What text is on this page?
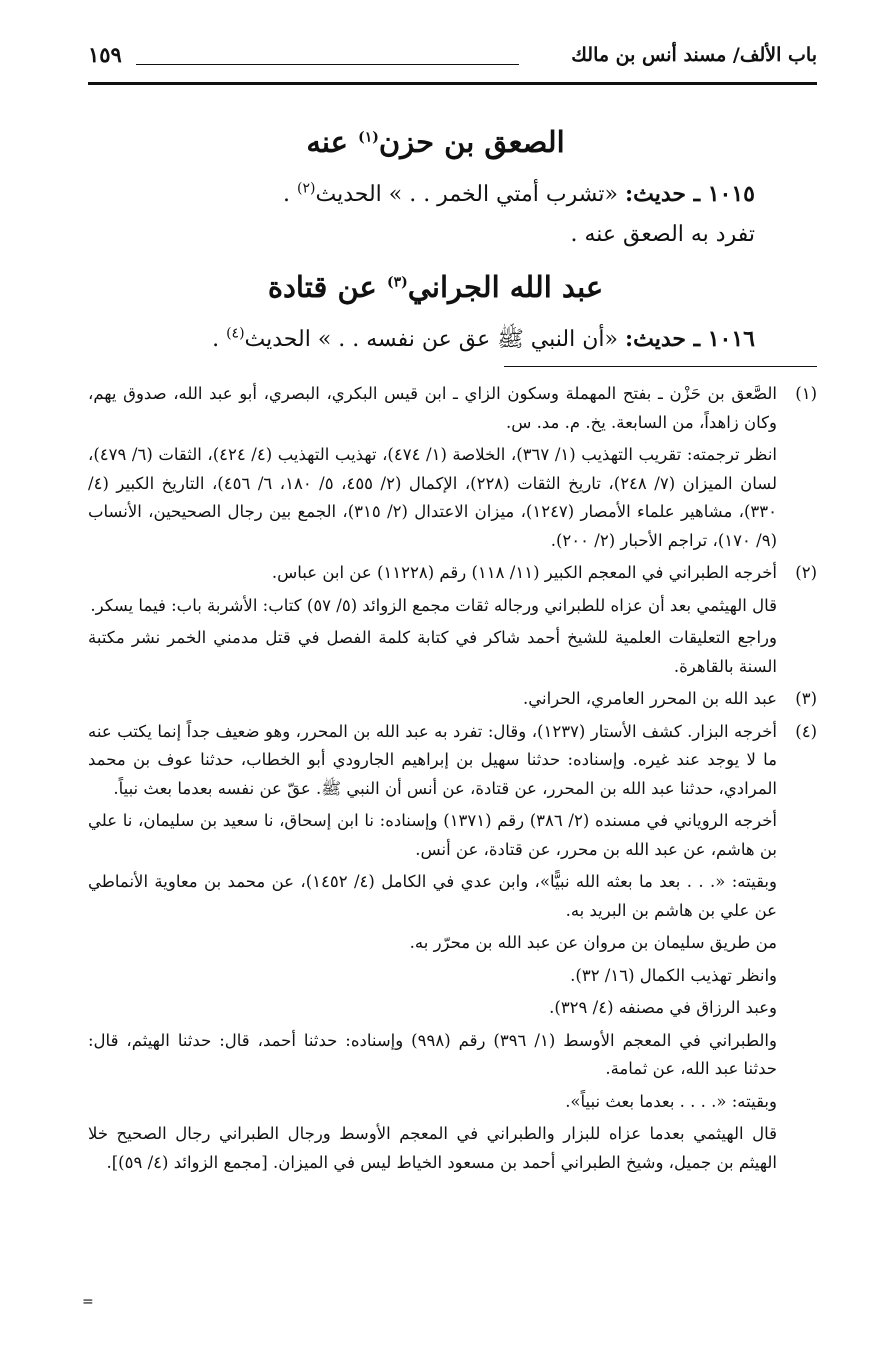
باب الألف/ مسند أنس بن مالك
١٥٩
الصعق بن حزن$^{(١)}$ عنه

١٠١٥ ـ حديث: «تشرب أمتي الخمر . . » الحديث$^{(٢)}$ .

تفرد به الصعق عنه .

عبد الله الجراني$^{(٣)}$ عن قتادة

١٠١٦ ـ حديث: «أن النبي ﷺ عق عن نفسه . . » الحديث$^{(٤)}$ .

(١)

الصَّعق بن حَزْن ـ بفتح المهملة وسكون الزاي ـ ابن قيس البكري، البصري، أبو عبد الله، صدوق يهم، وكان زاهداً، من السابعة. يخ. م. مد. س.

انظر ترجمته: تقريب التهذيب (١/ ٣٦٧)، الخلاصة (١/ ٤٧٤)، تهذيب التهذيب (٤/ ٤٢٤)، الثقات (٦/ ٤٧٩)، لسان الميزان (٧/ ٢٤٨)، تاريخ الثقات (٢٢٨)، الإكمال (٢/ ٤٥٥، ٥/ ١٨٠، ٦/ ٤٥٦)، التاريخ الكبير (٤/ ٣٣٠)، مشاهير علماء الأمصار (١٢٤٧)، ميزان الاعتدال (٢/ ٣١٥)، الجمع بين رجال الصحيحين، الأنساب (٩/ ١٧٠)، تراجم الأحبار (٢/ ٢٠٠).

(٢)

أخرجه الطبراني في المعجم الكبير (١١/ ١١٨) رقم (١١٢٢٨) عن ابن عباس.

قال الهيثمي بعد أن عزاه للطبراني ورجاله ثقات مجمع الزوائد (٥/ ٥٧) كتاب: الأشربة باب: فيما يسكر.

وراجع التعليقات العلمية للشيخ أحمد شاكر في كتابة كلمة الفصل في قتل مدمني الخمر نشر مكتبة السنة بالقاهرة.

(٣)

عبد الله بن المحرر العامري، الحراني.

(٤)

أخرجه البزار. كشف الأستار (١٢٣٧)، وقال: تفرد به عبد الله بن المحرر، وهو ضعيف جداً إنما يكتب عنه ما لا يوجد عند غيره. وإسناده: حدثنا سهيل بن إبراهيم الجارودي أبو الخطاب، حدثنا عوف بن محمد المرادي، حدثنا عبد الله بن المحرر، عن قتادة، عن أنس أن النبي ﷺ. عقّ عن نفسه بعدما بعث نبياً.

أخرجه الروياني في مسنده (٢/ ٣٨٦) رقم (١٣٧١) وإسناده: نا ابن إسحاق، نا سعيد بن سليمان، نا علي بن هاشم، عن عبد الله بن محرر، عن قتادة، عن أنس.

وبقيته: «. . . بعد ما بعثه الله نبيًّا»، وابن عدي في الكامل (٤/ ١٤٥٢)، عن محمد بن معاوية الأنماطي عن علي بن هاشم بن البريد به.

من طريق سليمان بن مروان عن عبد الله بن محرّر به.

وانظر تهذيب الكمال (١٦/ ٣٢).

وعبد الرزاق في مصنفه (٤/ ٣٢٩).

والطبراني في المعجم الأوسط (١/ ٣٩٦) رقم (٩٩٨) وإسناده: حدثنا أحمد، قال: حدثنا الهيثم، قال: حدثنا عبد الله، عن ثمامة.

وبقيته: «. . . . بعدما بعث نبياً».

قال الهيثمي بعدما عزاه للبزار والطبراني في المعجم الأوسط ورجال الطبراني رجال الصحيح خلا الهيثم بن جميل، وشيخ الطبراني أحمد بن مسعود الخياط ليس في الميزان. [مجمع الزوائد (٤/ ٥٩)].

=
